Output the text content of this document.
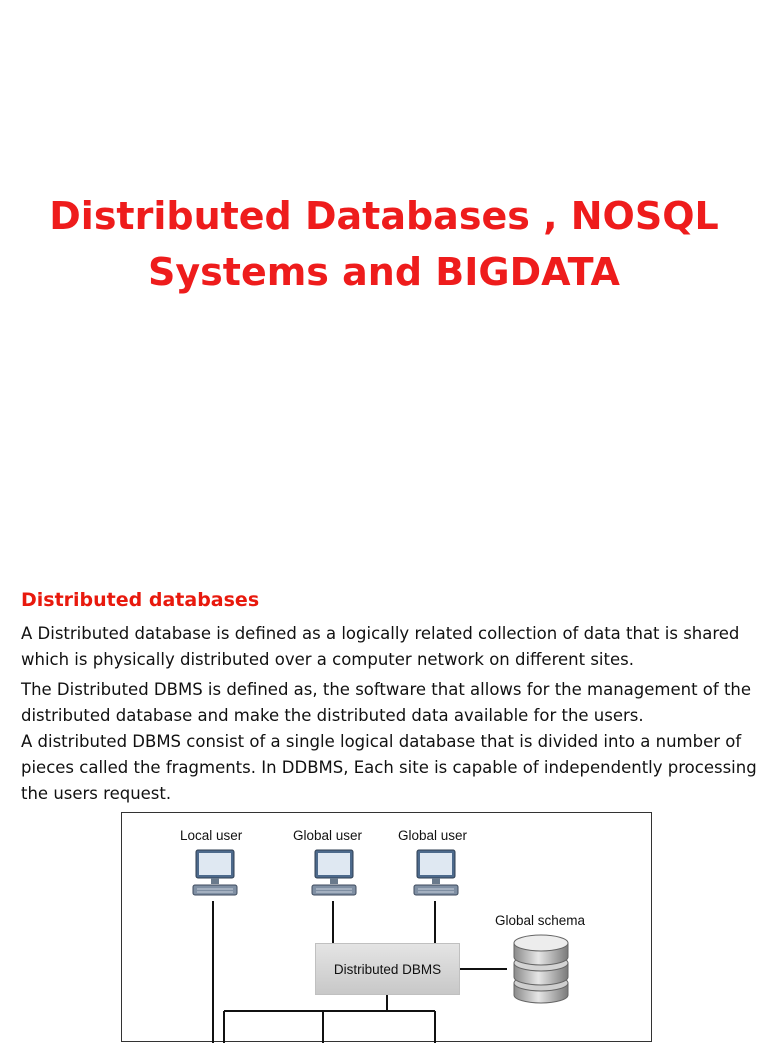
Distributed Databases , NOSQL
Systems and BIGDATA
Distributed databases
A Distributed database is defined as a logically related collection of data that is shared which is physically distributed over a computer network on different sites.
The Distributed DBMS is defined as, the software that allows for the management of the distributed database and make the distributed data available for the users.
A distributed DBMS consist of a single logical database that is divided into a number of pieces called the fragments. In DDBMS, Each site is capable of independently processing the users request.
Local user	Global user	Global user
Distributed DBMS
Global schema
